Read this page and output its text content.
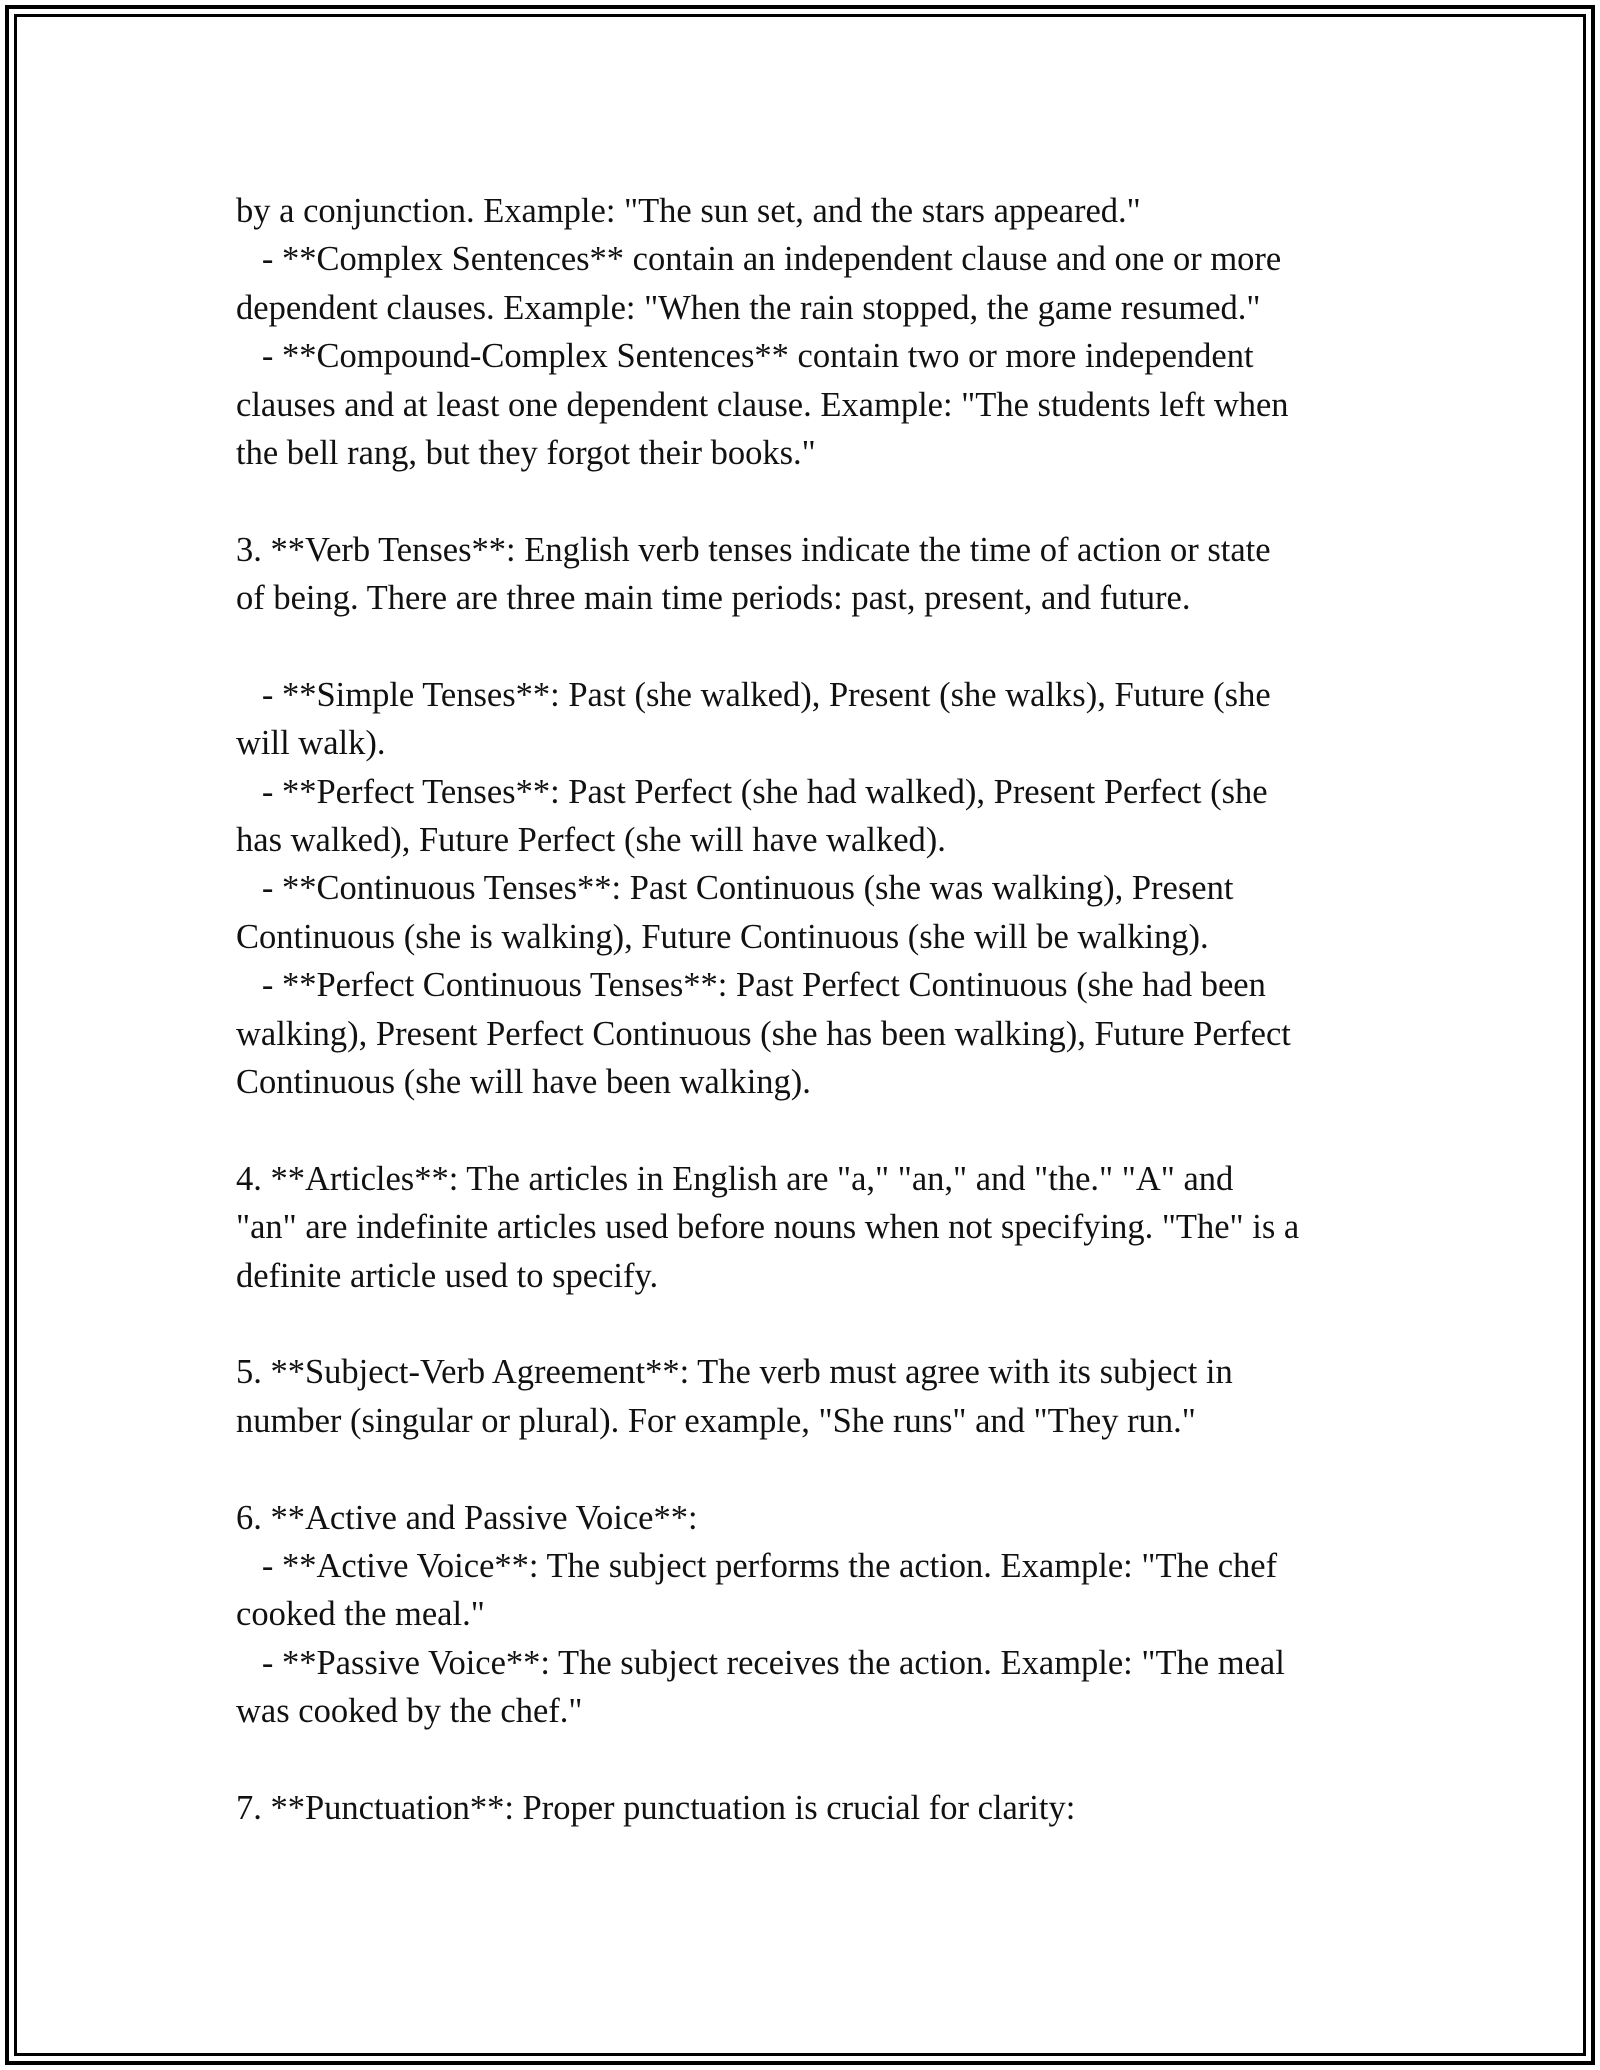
by a conjunction. Example: "The sun set, and the stars appeared."
- **Complex Sentences** contain an independent clause and one or more
dependent clauses. Example: "When the rain stopped, the game resumed."
- **Compound-Complex Sentences** contain two or more independent
clauses and at least one dependent clause. Example: "The students left when
the bell rang, but they forgot their books."
3. **Verb Tenses**: English verb tenses indicate the time of action or state
of being. There are three main time periods: past, present, and future.
- **Simple Tenses**: Past (she walked), Present (she walks), Future (she
will walk).
- **Perfect Tenses**: Past Perfect (she had walked), Present Perfect (she
has walked), Future Perfect (she will have walked).
- **Continuous Tenses**: Past Continuous (she was walking), Present
Continuous (she is walking), Future Continuous (she will be walking).
- **Perfect Continuous Tenses**: Past Perfect Continuous (she had been
walking), Present Perfect Continuous (she has been walking), Future Perfect
Continuous (she will have been walking).
4. **Articles**: The articles in English are "a," "an," and "the." "A" and
"an" are indefinite articles used before nouns when not specifying. "The" is a
definite article used to specify.
5. **Subject-Verb Agreement**: The verb must agree with its subject in
number (singular or plural). For example, "She runs" and "They run."
6. **Active and Passive Voice**:
- **Active Voice**: The subject performs the action. Example: "The chef
cooked the meal."
- **Passive Voice**: The subject receives the action. Example: "The meal
was cooked by the chef."
7. **Punctuation**: Proper punctuation is crucial for clarity:
